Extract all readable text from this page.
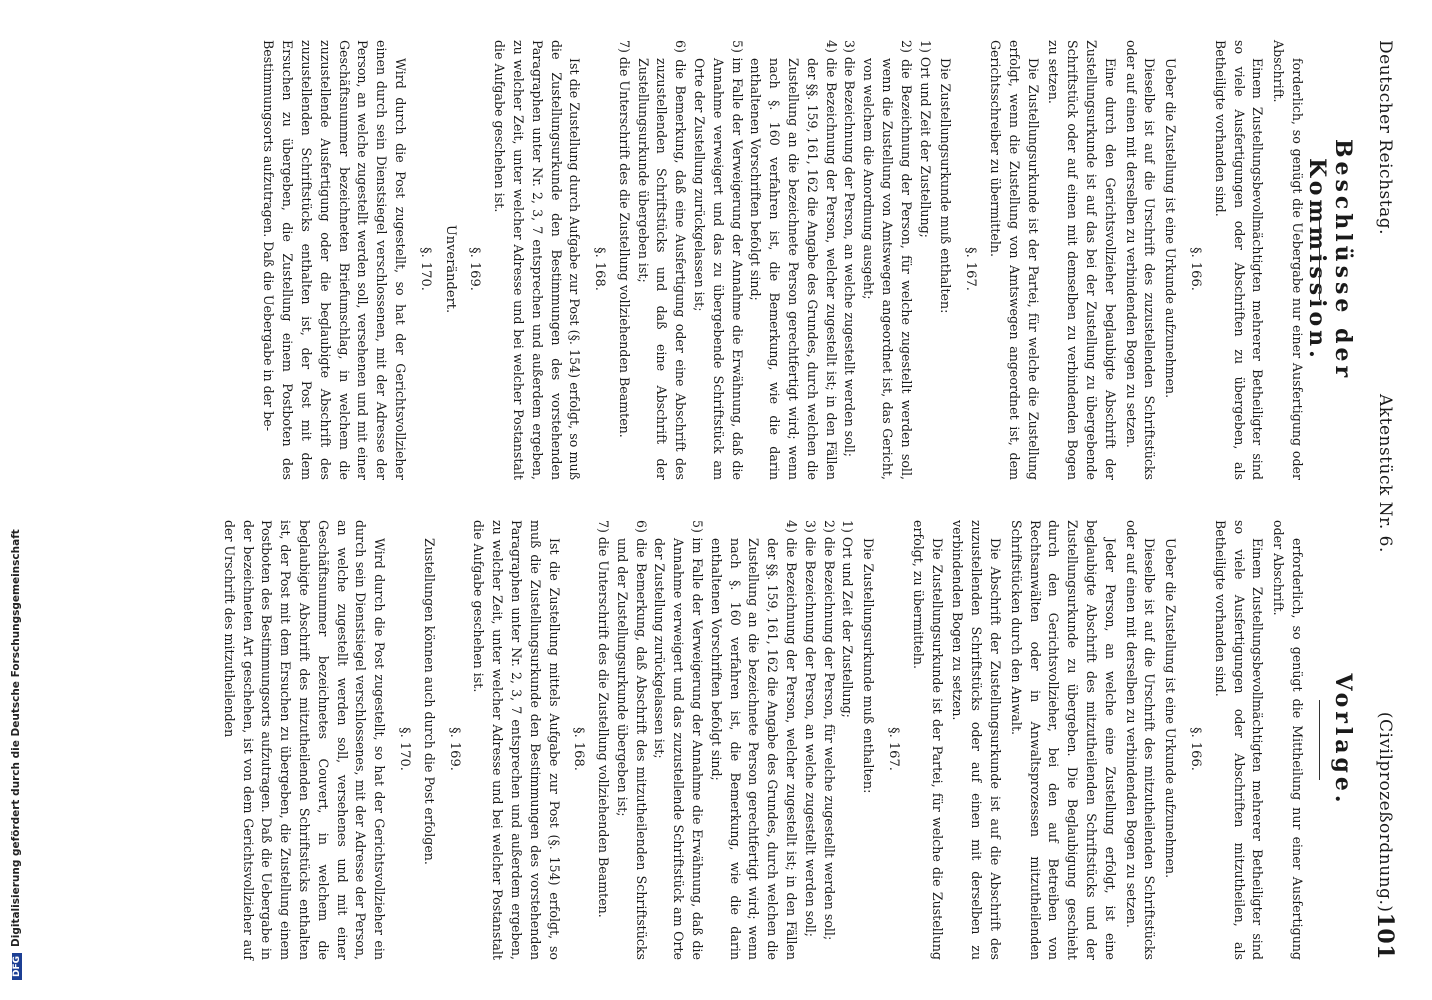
DFGDigitalisierung gefördert durch die Deutsche Forschungsgemeinschaft
Deutscher Reichstag.
Aktenstück Nr. 6.
(Civilprozeßordnung.)
101
Vorlage.
Beschlüsse der Kommission.

erforderlich, so genügt die Mittheilung nur einer Ausfertigung oder Abschrift.

Einem Zustellungsbevollmächtigten mehrerer Betheiligter sind so viele Ausfertigungen oder Abschriften mitzutheilen, als Betheiligte vorhanden sind.

§. 166.

Ueber die Zustellung ist eine Urkunde aufzunehmen.

Dieselbe ist auf die Urschrift des mitzutheilenden Schriftstücks oder auf einen mit derselben zu verbindenden Bogen zu setzen.

Jeder Person, an welche eine Zustellung erfolgt, ist eine beglaubigte Abschrift des mitzutheilenden Schriftstücks und der Zustellungsurkunde zu übergeben. Die Beglaubigung geschieht durch den Gerichtsvollzieher, bei den auf Betreiben von Rechtsanwälten oder in Anwaltsprozessen mitzutheilenden Schriftstücken durch den Anwalt.

Die Abschrift der Zustellungsurkunde ist auf die Abschrift des zuzustellenden Schriftstücks oder auf einen mit derselben zu verbindenden Bogen zu setzen.

Die Zustellungsurkunde ist der Partei, für welche die Zustellung erfolgt, zu übermitteln.

§. 167.

Die Zustellungsurkunde muß enthalten:

1) Ort und Zeit der Zustellung;

2) die Bezeichnung der Person, für welche zugestellt werden soll;

3) die Bezeichnung der Person, an welche zugestellt werden soll;

4) die Bezeichnung der Person, welcher zugestellt ist; in den Fällen der §§. 159, 161, 162 die Angabe des Grundes, durch welchen die Zustellung an die bezeichnete Person gerechtfertigt wird; wenn nach §. 160 verfahren ist, die Bemerkung, wie die darin enthaltenen Vorschriften befolgt sind;

5) im Falle der Verweigerung der Annahme die Erwähnung, daß die Annahme verweigert und das zuzustellende Schriftstück am Orte der Zustellung zurückgelassen ist;

6) die Bemerkung, daß Abschrift des mitzutheilenden Schriftstücks und der Zustellungsurkunde übergeben ist;

7) die Unterschrift des die Zustellung vollziehenden Beamten.

§. 168.

Ist die Zustellung mittels Aufgabe zur Post (§. 154) erfolgt, so muß die Zustellungsurkunde den Bestimmungen des vorstehenden Paragraphen unter Nr. 2, 3, 7 entsprechen und außerdem ergeben, zu welcher Zeit, unter welcher Adresse und bei welcher Postanstalt die Aufgabe geschehen ist.

§. 169.

Zustellungen können auch durch die Post erfolgen.

§. 170.

Wird durch die Post zugestellt, so hat der Gerichtsvollzieher ein durch sein Dienstsiegel verschlossenes, mit der Adresse der Person, an welche zugestellt werden soll, versehenes und mit einer Geschäftsnummer bezeichnetes Couvert, in welchem die beglaubigte Abschrift des mitzutheilenden Schriftstücks enthalten ist, der Post mit dem Ersuchen zu übergeben, die Zustellung einem Postboten des Bestimmungsorts aufzutragen. Daß die Uebergabe in der bezeichneten Art geschehen, ist von dem Gerichtsvollzieher auf der Urschrift des mitzutheilenden

forderlich, so genügt die Uebergabe nur einer Ausfertigung oder Abschrift.

Einem Zustellungsbevollmächtigten mehrerer Betheiligter sind so viele Ausfertigungen oder Abschriften zu übergeben, als Betheiligte vorhanden sind.

§. 166.

Ueber die Zustellung ist eine Urkunde aufzunehmen.

Dieselbe ist auf die Urschrift des zuzustellenden Schriftstücks oder auf einen mit derselben zu verbindenden Bogen zu setzen.

Eine durch den Gerichtsvollzieher beglaubigte Abschrift der Zustellungsurkunde ist auf das bei der Zustellung zu übergebende Schriftstück oder auf einen mit demselben zu verbindenden Bogen zu setzen.

Die Zustellungsurkunde ist der Partei, für welche die Zustellung erfolgt, wenn die Zustellung von Amtswegen angeordnet ist, dem Gerichtsschreiber zu übermitteln.

§. 167.

Die Zustellungsurkunde muß enthalten:

1) Ort und Zeit der Zustellung;

2) die Bezeichnung der Person, für welche zugestellt werden soll, wenn die Zustellung von Amtswegen angeordnet ist, das Gericht, von welchem die Anordnung ausgeht;

3) die Bezeichnung der Person, an welche zugestellt werden soll;

4) die Bezeichnung der Person, welcher zugestellt ist; in den Fällen der §§. 159, 161, 162 die Angabe des Grundes, durch welchen die Zustellung an die bezeichnete Person gerechtfertigt wird; wenn nach §. 160 verfahren ist, die Bemerkung, wie die darin enthaltenen Vorschriften befolgt sind;

5) im Falle der Verweigerung der Annahme die Erwähnung, daß die Annahme verweigert und das zu übergebende Schriftstück am Orte der Zustellung zurückgelassen ist;

6) die Bemerkung, daß eine Ausfertigung oder eine Abschrift des zuzustellenden Schriftstücks und daß eine Abschrift der Zustellungsurkunde übergeben ist;

7) die Unterschrift des die Zustellung vollziehenden Beamten.

§. 168.

Ist die Zustellung durch Aufgabe zur Post (§. 154) erfolgt, so muß die Zustellungsurkunde den Bestimmungen des vorstehenden Paragraphen unter Nr. 2, 3, 7 entsprechen und außerdem ergeben, zu welcher Zeit, unter welcher Adresse und bei welcher Postanstalt die Aufgabe geschehen ist.

§. 169.

Unverändert.

§. 170.

Wird durch die Post zugestellt, so hat der Gerichtsvollzieher einen durch sein Dienstsiegel verschlossenen, mit der Adresse der Person, an welche zugestellt werden soll, versehenen und mit einer Geschäftsnummer bezeichneten Briefumschlag, in welchem die zuzustellende Ausfertigung oder die beglaubigte Abschrift des zuzustellenden Schriftstücks enthalten ist, der Post mit dem Ersuchen zu übergeben, die Zustellung einem Postboten des Bestimmungsorts aufzutragen. Daß die Uebergabe in der be-
